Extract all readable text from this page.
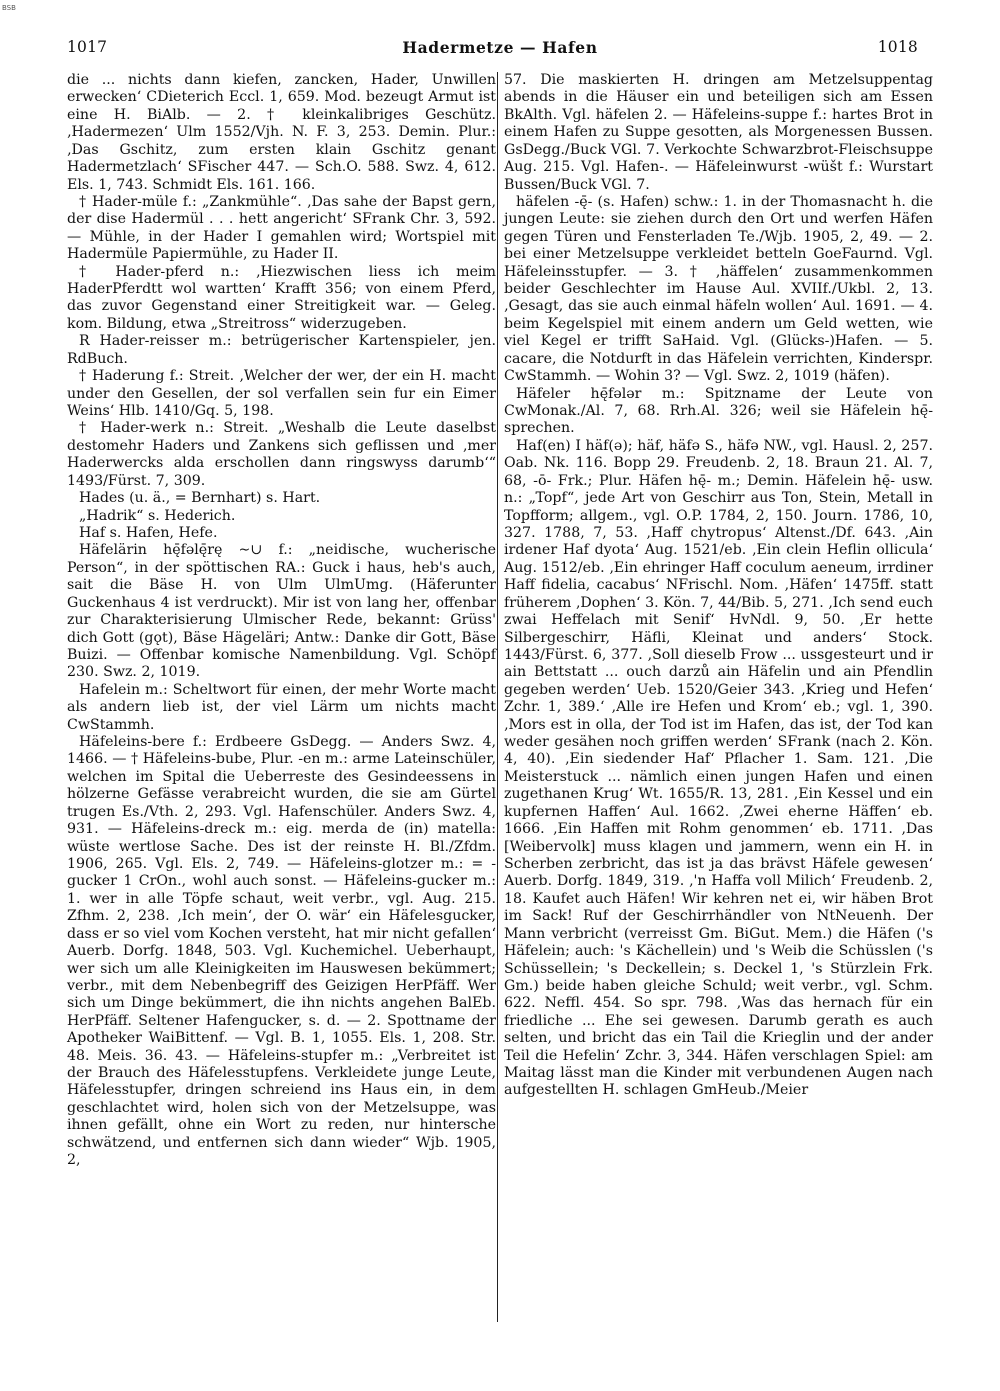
BSB
1017	Hadermetze — Hafen	1018

die ... nichts dann kiefen, zancken, Hader, Unwillen erwecken‘ CDieterich Eccl. 1, 659. Mod. bezeugt Armut ist eine H. BiAlb. — 2. † kleinkalibriges Geschütz. ‚Hadermezen‘ Ulm 1552/Vjh. N. F. 3, 253. Demin. Plur.: ‚Das Gschitz, zum ersten klain Gschitz genant Hadermetzlach‘ SFischer 447. — Sch.O. 588. Swz. 4, 612. Els. 1, 743. Schmidt Els. 161. 166.

† Hader-müle f.: „Zankmühle“. ‚Das sahe der Bapst gern, der dise Hadermül . . . hett angericht‘ SFrank Chr. 3, 592. — Mühle, in der Hader I gemahlen wird; Wortspiel mit Hadermüle Papiermühle, zu Hader II.

† Hader-pferd n.: ‚Hiezwischen liess ich meim HaderPferdtt wol wartten‘ Krafft 356; von einem Pferd, das zuvor Gegenstand einer Streitigkeit war. — Geleg. kom. Bildung, etwa „Streitross“ widerzugeben.

R Hader-reisser m.: betrügerischer Kartenspieler, jen. RdBuch.

† Haderung f.: Streit. ‚Welcher der wer, der ein H. macht under den Gesellen, der sol verfallen sein fur ein Eimer Weins‘ Hlb. 1410/Gq. 5, 198.

† Hader-werk n.: Streit. „Weshalb die Leute daselbst destomehr Haders und Zankens sich geflissen und ‚mer Haderwercks alda erschollen dann ringswyss darumb‘“ 1493/Fürst. 7, 309.

Hades (u. ä., = Bernhart) s. Hart.

„Hadrik“ s. Hederich.

Haf s. Hafen, Hefe.

Häfelärin hę̄fəlę̄rę ∼∪ f.: „neidische, wucherische Person“, in der spöttischen RA.: Guck i haus, heb's auch, sait die Bäse H. von Ulm UlmUmg. (Häferunter Guckenhaus 4 ist verdruckt). Mir ist von lang her, offenbar zur Charakterisierung Ulmischer Rede, bekannt: Grüss' dich Gott (gǫt), Bäse Hägeläri; Antw.: Danke dir Gott, Bäse Buizi. — Offenbar komische Namenbildung. Vgl. Schöpf 230. Swz. 2, 1019.

Hafelein m.: Scheltwort für einen, der mehr Worte macht als andern lieb ist, der viel Lärm um nichts macht CwStammh.

Häfeleins-bere f.: Erdbeere GsDegg. — Anders Swz. 4, 1466. — † Häfeleins-bube, Plur. -en m.: arme Lateinschüler, welchen im Spital die Ueberreste des Gesindeessens in hölzerne Gefässe verabreicht wurden, die sie am Gürtel trugen Es./Vth. 2, 293. Vgl. Hafenschüler. Anders Swz. 4, 931. — Häfeleins-dreck m.: eig. merda de (in) matella: wüste wertlose Sache. Des ist der reinste H. Bl./Zfdm. 1906, 265. Vgl. Els. 2, 749. — Häfeleins-glotzer m.: = -gucker 1 CrOn., wohl auch sonst. — Häfeleins-gucker m.: 1. wer in alle Töpfe schaut, weit verbr., vgl. Aug. 215. Zfhm. 2, 238. ‚Ich mein‘, der O. wär‘ ein Häfelesgucker, dass er so viel vom Kochen versteht, hat mir nicht gefallen‘ Auerb. Dorfg. 1848, 503. Vgl. Kuchemichel. Ueberhaupt, wer sich um alle Kleinigkeiten im Hauswesen bekümmert; verbr., mit dem Nebenbegriff des Geizigen HerPfäff. Wer sich um Dinge bekümmert, die ihn nichts angehen BalEb. HerPfäff. Seltener Hafengucker, s. d. — 2. Spottname der Apotheker WaiBittenf. — Vgl. B. 1, 1055. Els. 1, 208. Str. 48. Meis. 36. 43. — Häfeleins-stupfer m.: „Verbreitet ist der Brauch des Häfelesstupfens. Verkleidete junge Leute, Häfelesstupfer, dringen schreiend ins Haus ein, in dem geschlachtet wird, holen sich von der Metzelsuppe, was ihnen gefällt, ohne ein Wort zu reden, nur hintersche schwätzend, und entfernen sich dann wieder“ Wjb. 1905, 2,

57. Die maskierten H. dringen am Metzelsuppentag abends in die Häuser ein und beteiligen sich am Essen BkAlth. Vgl. häfelen 2. — Häfeleins-suppe f.: hartes Brot in einem Hafen zu Suppe gesotten, als Morgenessen Bussen. GsDegg./Buck VGl. 7. Verkochte Schwarzbrot-Fleischsuppe Aug. 215. Vgl. Hafen-. — Häfeleinwurst -wüšt f.: Wurstart Bussen/Buck VGl. 7.

häfelen -ę̄- (s. Hafen) schw.: 1. in der Thomasnacht h. die jungen Leute: sie ziehen durch den Ort und werfen Häfen gegen Türen und Fensterladen Te./Wjb. 1905, 2, 49. — 2. bei einer Metzelsuppe verkleidet betteln GoeFaurnd. Vgl. Häfeleinsstupfer. — 3. † ‚häffelen‘ zusammenkommen beider Geschlechter im Hause Aul. XVIIf./Ukbl. 2, 13. ‚Gesagt, das sie auch einmal häfeln wollen‘ Aul. 1691. — 4. beim Kegelspiel mit einem andern um Geld wetten, wie viel Kegel er trifft SaHaid. Vgl. (Glücks-)Hafen. — 5. cacare, die Notdurft in das Häfelein verrichten, Kinderspr. CwStammh. — Wohin 3? — Vgl. Swz. 2, 1019 (häfen).

Häfeler hę̄fələr m.: Spitzname der Leute von CwMonak./Al. 7, 68. Rrh.Al. 326; weil sie Häfelein hę̄- sprechen.

Haf(en) I häf(ə); häf, häfə S., häfə NW., vgl. Hausl. 2, 257. Oab. Nk. 116. Bopp 29. Freudenb. 2, 18. Braun 21. Al. 7, 68, -ō- Frk.; Plur. Häfen hę̄- m.; Demin. Häfelein hę̄- usw. n.: „Topf“, jede Art von Geschirr aus Ton, Stein, Metall in Topfform; allgem., vgl. O.P. 1784, 2, 150. Journ. 1786, 10, 327. 1788, 7, 53. ‚Haff chytropus‘ Altenst./Df. 643. ‚Ain irdener Haf dyota‘ Aug. 1521/eb. ‚Ein clein Heflin ollicula‘ Aug. 1512/eb. ‚Ein ehringer Haff coculum aeneum, irrdiner Haff fidelia, cacabus‘ NFrischl. Nom. ‚Häfen‘ 1475ff. statt früherem ‚Dophen‘ 3. Kön. 7, 44/Bib. 5, 271. ‚Ich send euch zwai Heffelach mit Senif‘ HvNdl. 9, 50. ‚Er hette Silbergeschirr, Häfli, Kleinat und anders‘ Stock. 1443/Fürst. 6, 377. ‚Soll dieselb Frow ... ussgesteurt und ir ain Bettstatt ... ouch darzů ain Häfelin und ain Pfendlin gegeben werden‘ Ueb. 1520/Geier 343. ‚Krieg und Hefen‘ Zchr. 1, 389.‘ ‚Alle ire Hefen und Krom‘ eb.; vgl. 1, 390. ‚Mors est in olla, der Tod ist im Hafen, das ist, der Tod kan weder gesähen noch griffen werden‘ SFrank (nach 2. Kön. 4, 40). ‚Ein siedender Haf‘ Pflacher 1. Sam. 121. ‚Die Meisterstuck ... nämlich einen jungen Hafen und einen zugethanen Krug‘ Wt. 1655/R. 13, 281. ‚Ein Kessel und ein kupfernen Haffen‘ Aul. 1662. ‚Zwei eherne Häffen‘ eb. 1666. ‚Ein Haffen mit Rohm genommen‘ eb. 1711. ‚Das [Weibervolk] muss klagen und jammern, wenn ein H. in Scherben zerbricht, das ist ja das brävst Häfele gewesen‘ Auerb. Dorfg. 1849, 319. ‚'n Haffa voll Milich‘ Freudenb. 2, 18. Kaufet auch Häfen! Wir kehren net ei, wir häben Brot im Sack! Ruf der Geschirrhändler von NtNeuenh. Der Mann verbricht (verreisst Gm. BiGut. Mem.) die Häfen ('s Häfelein; auch: 's Kächellein) und 's Weib die Schüsslen ('s Schüssellein; 's Deckellein; s. Deckel 1, 's Stürzlein Frk. Gm.) beide haben gleiche Schuld; weit verbr., vgl. Schm. 622. Neffl. 454. So spr. 798. ‚Was das hernach für ein friedliche ... Ehe sei gewesen. Darumb gerath es auch selten, und bricht das ein Tail die Krieglin und der ander Teil die Hefelin‘ Zchr. 3, 344. Häfen verschlagen Spiel: am Maitag lässt man die Kinder mit verbundenen Augen nach aufgestellten H. schlagen GmHeub./Meier
